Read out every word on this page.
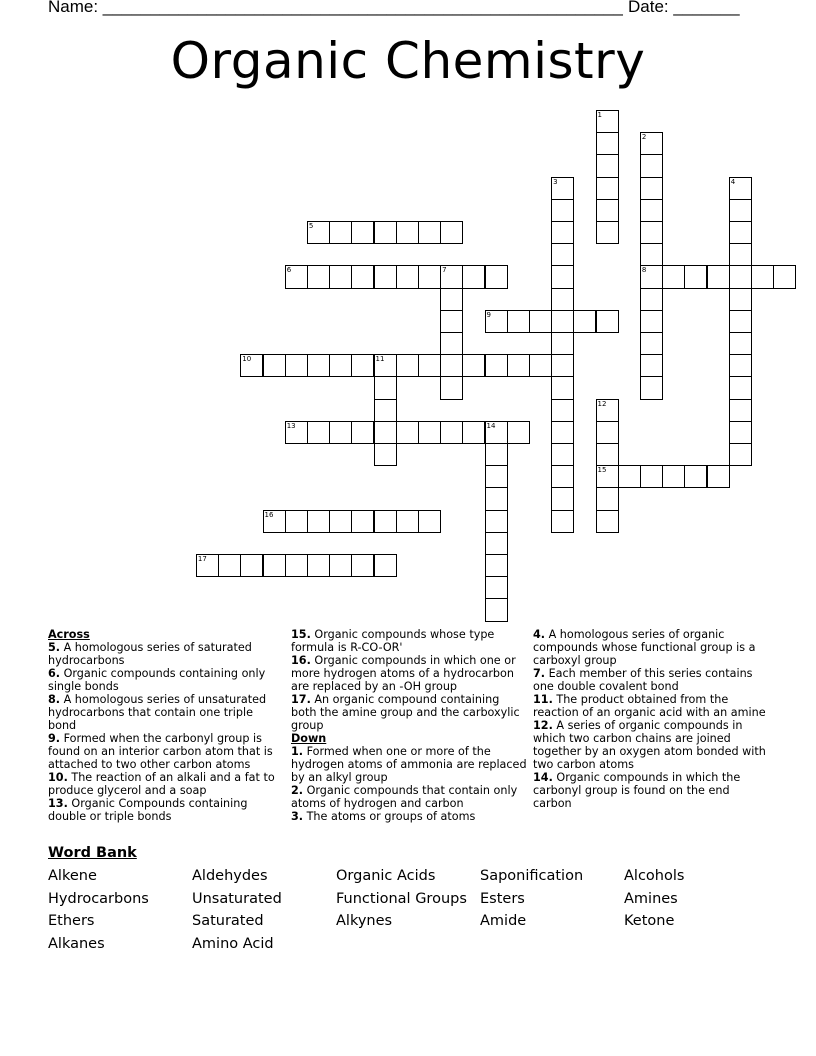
Name: _______________________________________________________ Date: _______
Organic Chemistry
5
6	7	8
9
10	11
13	14
15
16
17
1
2
3	4
12
Across
5. A homologous series of saturated hydrocarbons
6. Organic compounds containing only single bonds
8. A homologous series of unsaturated hydrocarbons that contain one triple bond
9. Formed when the carbonyl group is found on an interior carbon atom that is attached to two other carbon atoms
10. The reaction of an alkali and a fat to produce glycerol and a soap
13. Organic Compounds containing double or triple bonds
15. Organic compounds whose type formula is R-CO-OR'
16. Organic compounds in which one or more hydrogen atoms of a hydrocarbon are replaced by an -OH group
17. An organic compound containing both the amine group and the carboxylic group
Down
1. Formed when one or more of the hydrogen atoms of ammonia are replaced by an alkyl group
2. Organic compounds that contain only atoms of hydrogen and carbon
3. The atoms or groups of atoms
4. A homologous series of organic compounds whose functional group is a carboxyl group
7. Each member of this series contains one double covalent bond
11. The product obtained from the reaction of an organic acid with an amine
12. A series of organic compounds in which two carbon chains are joined together by an oxygen atom bonded with two carbon atoms
14. Organic compounds in which the carbonyl group is found on the end carbon
Word Bank
Alkene
Hydrocarbons
Ethers
Alkanes
Aldehydes
Unsaturated
Saturated
Amino Acid
Organic Acids
Functional Groups
Alkynes
Saponification
Esters
Amide
Alcohols
Amines
Ketone
